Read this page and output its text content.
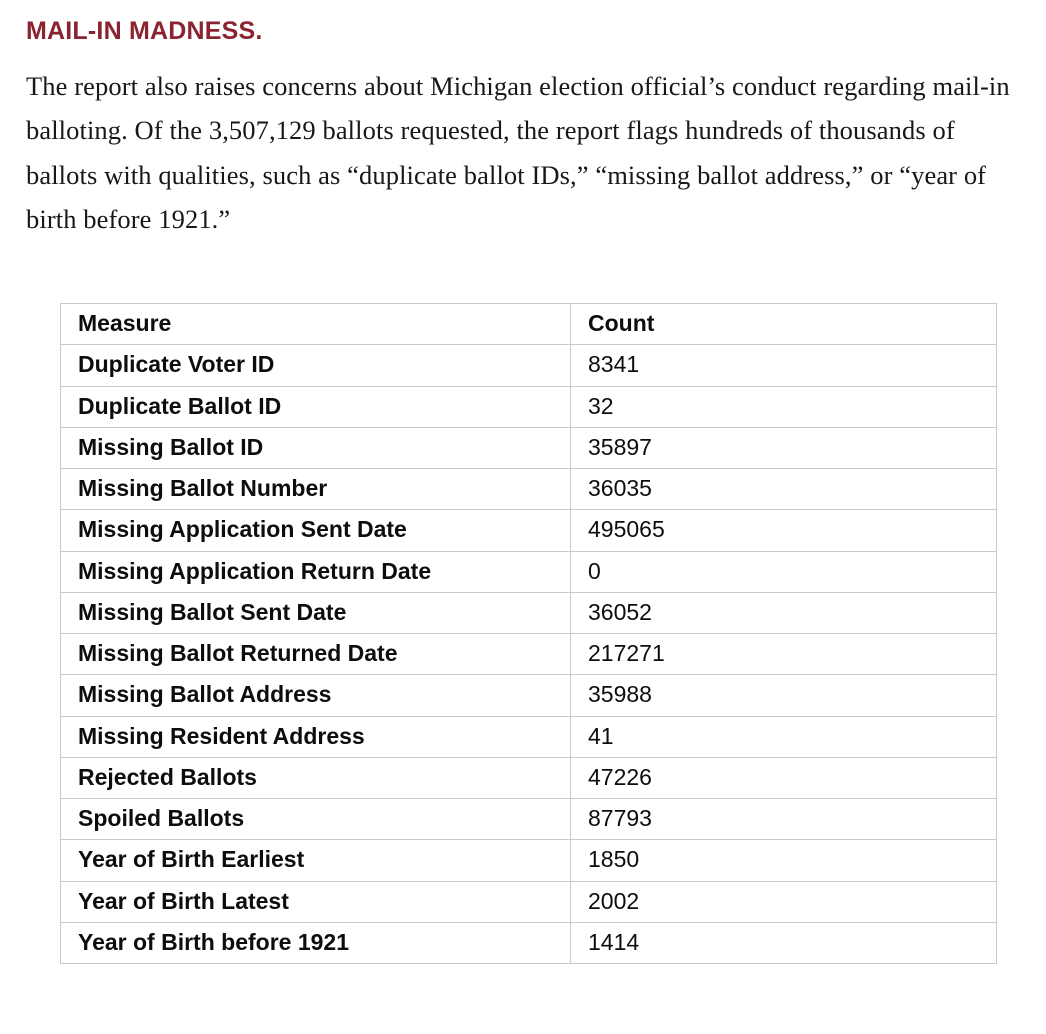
MAIL-IN MADNESS.

The report also raises concerns about Michigan election official’s conduct regarding mail-in balloting. Of the 3,507,129 ballots requested, the report flags hundreds of thousands of ballots with qualities, such as “duplicate ballot IDs,” “missing ballot address,” or “year of birth before 1921.”

Measure	Count
Duplicate Voter ID	8341
Duplicate Ballot ID	32
Missing Ballot ID	35897
Missing Ballot Number	36035
Missing Application Sent Date	495065
Missing Application Return Date	0
Missing Ballot Sent Date	36052
Missing Ballot Returned Date	217271
Missing Ballot Address	35988
Missing Resident Address	41
Rejected Ballots	47226
Spoiled Ballots	87793
Year of Birth Earliest	1850
Year of Birth Latest	2002
Year of Birth before 1921	1414
